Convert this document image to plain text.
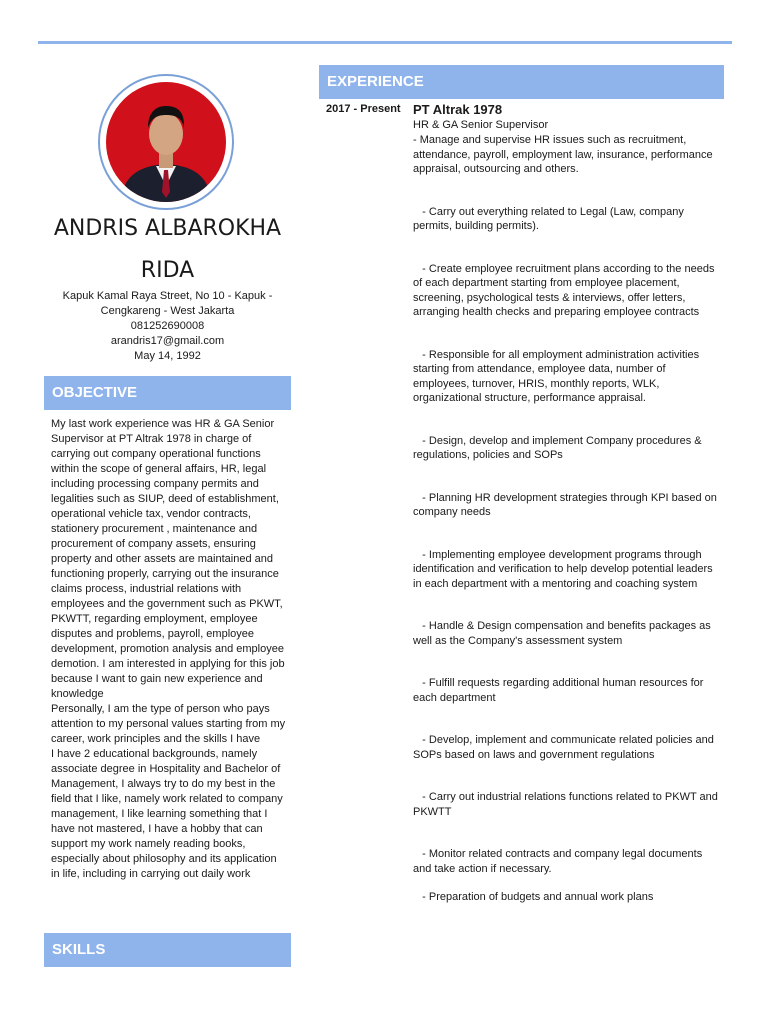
ANDRIS ALBAROKHA RIDA
Kapuk Kamal Raya Street, No 10 - Kapuk - Cengkareng - West Jakarta
081252690008
arandris17@gmail.com
May 14, 1992
OBJECTIVE
My last work experience was HR & GA Senior Supervisor at PT Altrak 1978 in charge of carrying out company operational functions within the scope of general affairs, HR, legal including processing company permits and legalities such as SIUP, deed of establishment, operational vehicle tax, vendor contracts, stationery procurement , maintenance and procurement of company assets, ensuring property and other assets are maintained and functioning properly, carrying out the insurance claims process, industrial relations with employees and the government such as PKWT, PKWTT, regarding employment, employee disputes and problems, payroll, employee development, promotion analysis and employee demotion. I am interested in applying for this job because I want to gain new experience and knowledge
Personally, I am the type of person who pays attention to my personal values starting from my career, work principles and the skills I have
I have 2 educational backgrounds, namely associate degree in Hospitality and Bachelor of Management, I always try to do my best in the field that I like, namely work related to company management, I like learning something that I have not mastered, I have a hobby that can support my work namely reading books, especially about philosophy and its application in life, including in carrying out daily work
SKILLS
EXPERIENCE
2017 - Present PT Altrak 1978
HR & GA Senior Supervisor

- Manage and supervise HR issues such as recruitment, attendance, payroll, employment law, insurance, performance appraisal, outsourcing and others.

- Carry out everything related to Legal (Law, company permits, building permits).

- Create employee recruitment plans according to the needs of each department starting from employee placement, screening, psychological tests & interviews, offer letters, arranging health checks and preparing employee contracts

- Responsible for all employment administration activities starting from attendance, employee data, number of employees, turnover, HRIS, monthly reports, WLK, organizational structure, performance appraisal.

- Design, develop and implement Company procedures & regulations, policies and SOPs

- Planning HR development strategies through KPI based on company needs

- Implementing employee development programs through identification and verification to help develop potential leaders in each department with a mentoring and coaching system

- Handle & Design compensation and benefits packages as well as the Company's assessment system

- Fulfill requests regarding additional human resources for each department

- Develop, implement and communicate related policies and SOPs based on laws and government regulations

- Carry out industrial relations functions related to PKWT and PKWTT

- Monitor related contracts and company legal documents and take action if necessary.

- Preparation of budgets and annual work plans
